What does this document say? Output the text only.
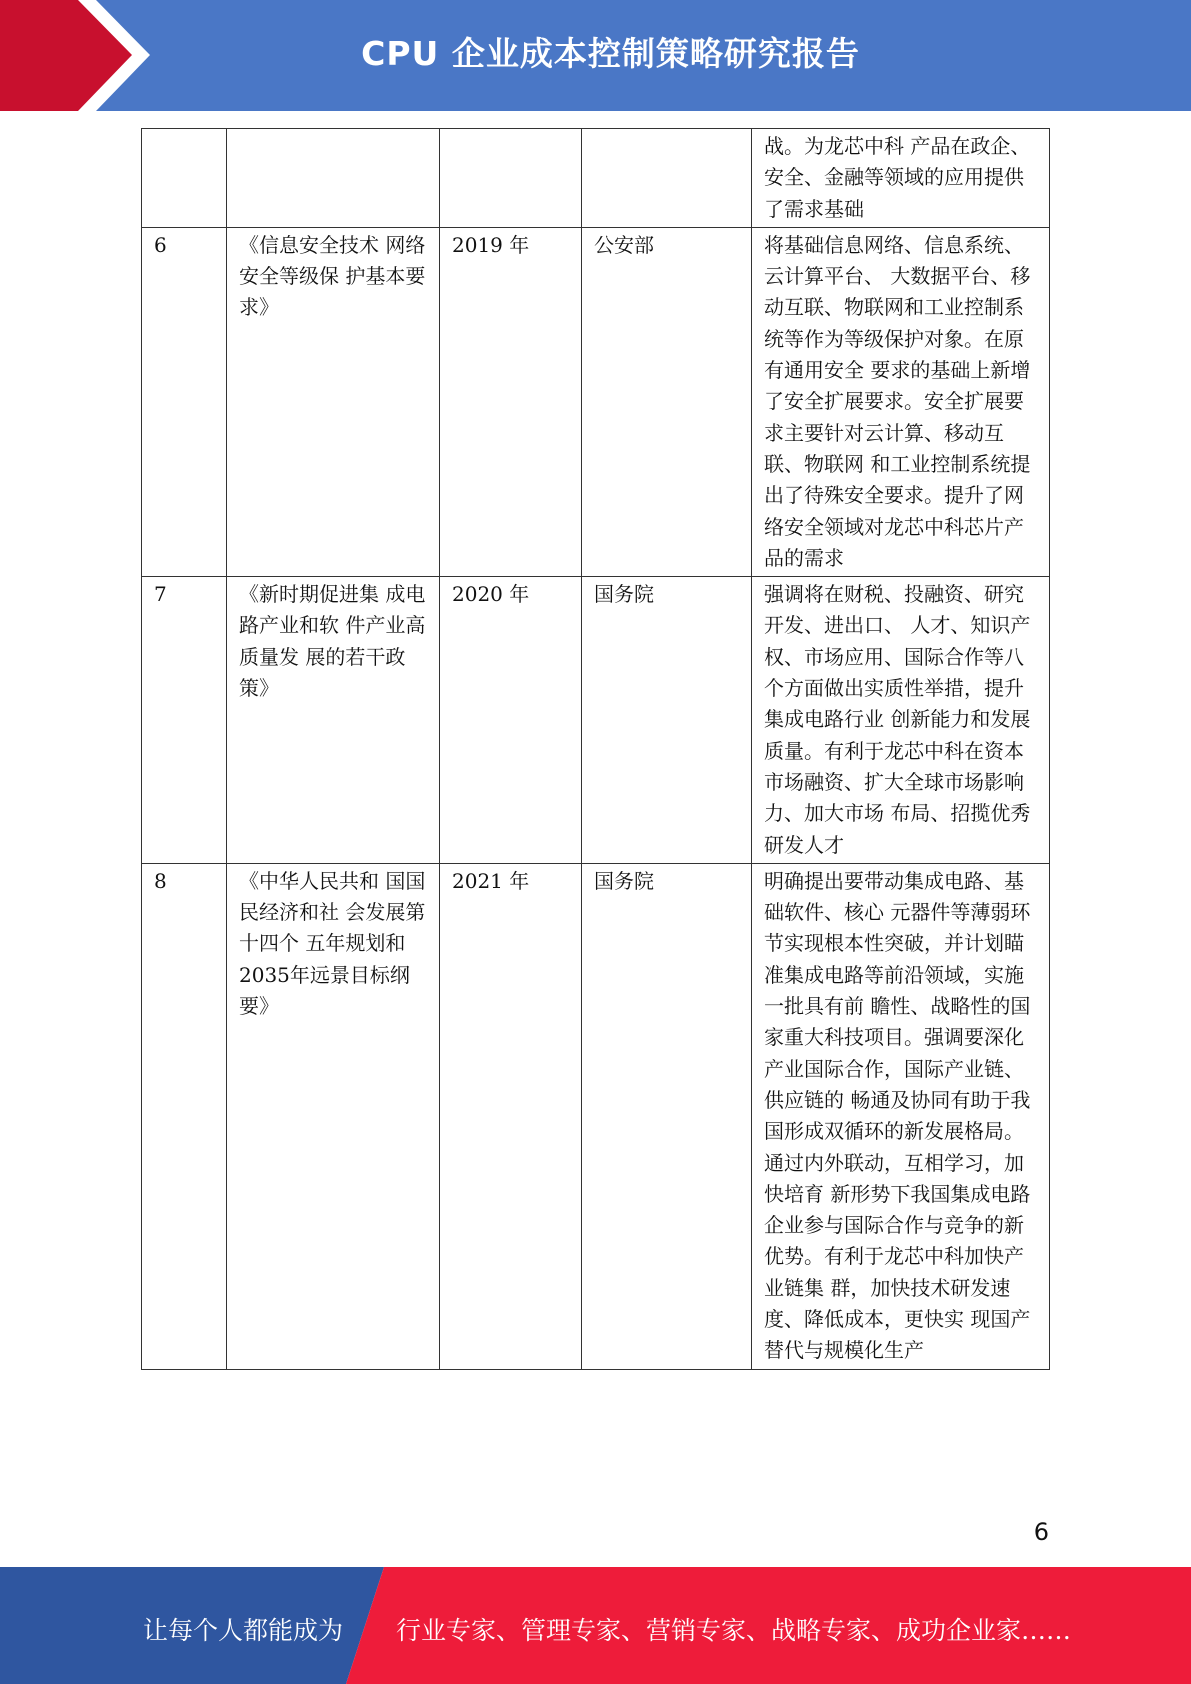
CPU 企业成本控制策略研究报告
				战。为龙芯中科 产品在政企、安全、金融等领域的应用提供 了需求基础
6	《信息安全技术 网络安全等级保 护基本要求》	2019 年	公安部	将基础信息网络、信息系统、云计算平台、 大数据平台、移动互联、物联网和工业控制系统等作为等级保护对象。在原有通用安全 要求的基础上新增了安全扩展要求。安全扩展要求主要针对云计算、移动互联、物联网 和工业控制系统提出了待殊安全要求。提升了网络安全领域对龙芯中科芯片产品的需求
7	《新时期促进集 成电路产业和软 件产业高质量发 展的若干政策》	2020 年	国务院	强调将在财税、投融资、研究开发、进出口、 人才、知识产权、市场应用、国际合作等八 个方面做出实质性举措，提升集成电路行业 创新能力和发展质量。有利于龙芯中科在资本 市场融资、扩大全球市场影响力、加大市场 布局、招揽优秀研发人才
8	《中华人民共和 国国民经济和社 会发展第十四个 五年规划和2035年远景目标纲要》	2021 年	国务院	明确提出要带动集成电路、基础软件、核心 元器件等薄弱环节实现根本性突破，并计划瞄准集成电路等前沿领域，实施一批具有前 瞻性、战略性的国家重大科技项目。强调要深化产业国际合作，国际产业链、供应链的 畅通及协同有助于我国形成双循环的新发展格局。通过内外联动，互相学习，加快培育 新形势下我国集成电路企业参与国际合作与竞争的新优势。有利于龙芯中科加快产业链集 群，加快技术研发速度、降低成本，更快实 现国产替代与规模化生产
6
让每个人都能成为 行业专家、管理专家、营销专家、战略专家、成功企业家……
